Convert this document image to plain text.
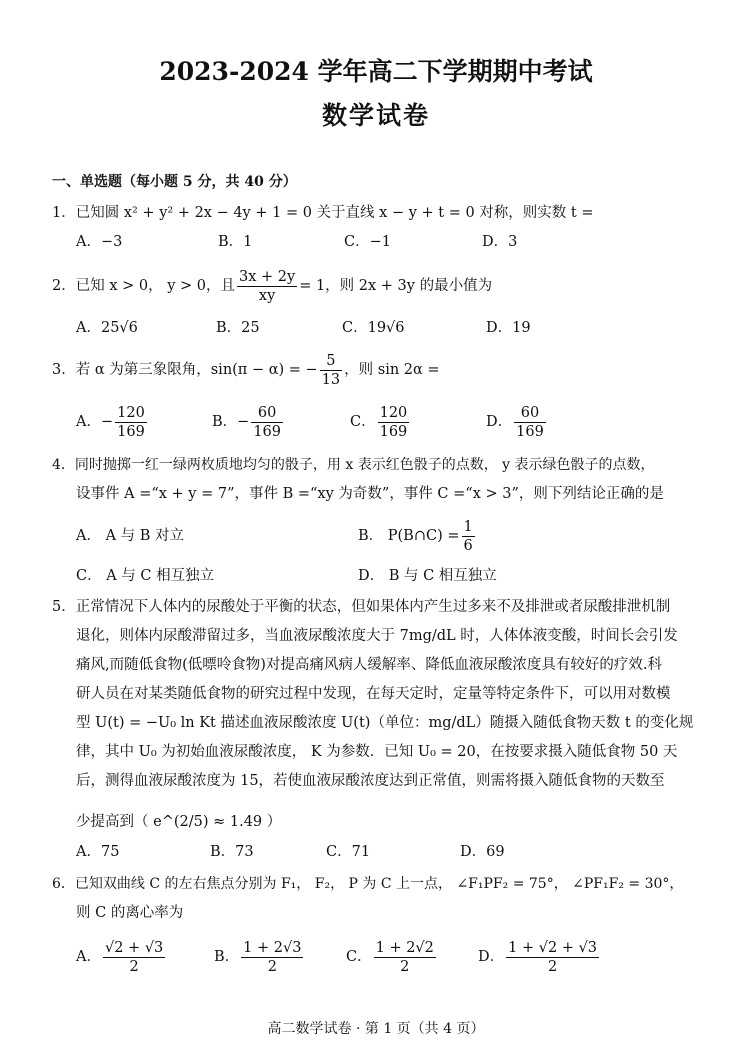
2023-2024 学年高二下学期期中考试
数学试卷
一、单选题（每小题 5 分，共 40 分）
1．已知圆 x² + y² + 2x − 4y + 1 = 0 关于直线 x − y + t = 0 对称，则实数 t =
A．−3	B．1	C．−1	D．3
2．已知 x > 0， y > 0，且 $\frac{3x + 2y}{xy} = 1$，则 2x + 3y 的最小值为
A．25√6	B．25	C．19√6	D．19
3．若 α 为第三象限角，sin(π − α) = − $\frac{5}{13}$ ，则 sin 2α =
A．− $\frac{120}{169}$	B．− $\frac{60}{169}$	C． $\frac{120}{169}$	D． $\frac{60}{169}$
4．同时抛掷一红一绿两枚质地均匀的骰子，用 x 表示红色骰子的点数， y 表示绿色骰子的点数，
设事件 A =“x + y = 7”，事件 B =“xy 为奇数”，事件 C =“x > 3”，则下列结论正确的是
A． A 与 B 对立	B． P(B∩C) = $\frac{1}{6}$
C． A 与 C 相互独立	D． B 与 C 相互独立
5．正常情况下人体内的尿酸处于平衡的状态，但如果体内产生过多来不及排泄或者尿酸排泄机制
退化，则体内尿酸滞留过多，当血液尿酸浓度大于 7mg/dL 时，人体体液变酸，时间长会引发
痛风,而随低食物(低嘌呤食物)对提高痛风病人缓解率、降低血液尿酸浓度具有较好的疗效.科
研人员在对某类随低食物的研究过程中发现，在每天定时，定量等特定条件下，可以用对数模
型 U(t) = −U₀ ln Kt 描述血液尿酸浓度 U(t)（单位：mg/dL）随摄入随低食物天数 t 的变化规
律，其中 U₀ 为初始血液尿酸浓度， K 为参数．已知 U₀ = 20，在按要求摄入随低食物 50 天
后，测得血液尿酸浓度为 15，若使血液尿酸浓度达到正常值，则需将摄入随低食物的天数至
少提高到（ e^(2/5) ≈ 1.49 ）
A．75	B．73	C．71	D．69
6．已知双曲线 C 的左右焦点分别为 F₁， F₂， P 为 C 上一点， ∠F₁PF₂ = 75°， ∠PF₁F₂ = 30°，
则 C 的离心率为
A． $\frac{√2 + √3}{2}$	B． $\frac{1 + 2√3}{2}$	C． $\frac{1 + 2√2}{2}$	D． $\frac{1 + √2 + √3}{2}$
高二数学试卷 · 第 1 页（共 4 页）
